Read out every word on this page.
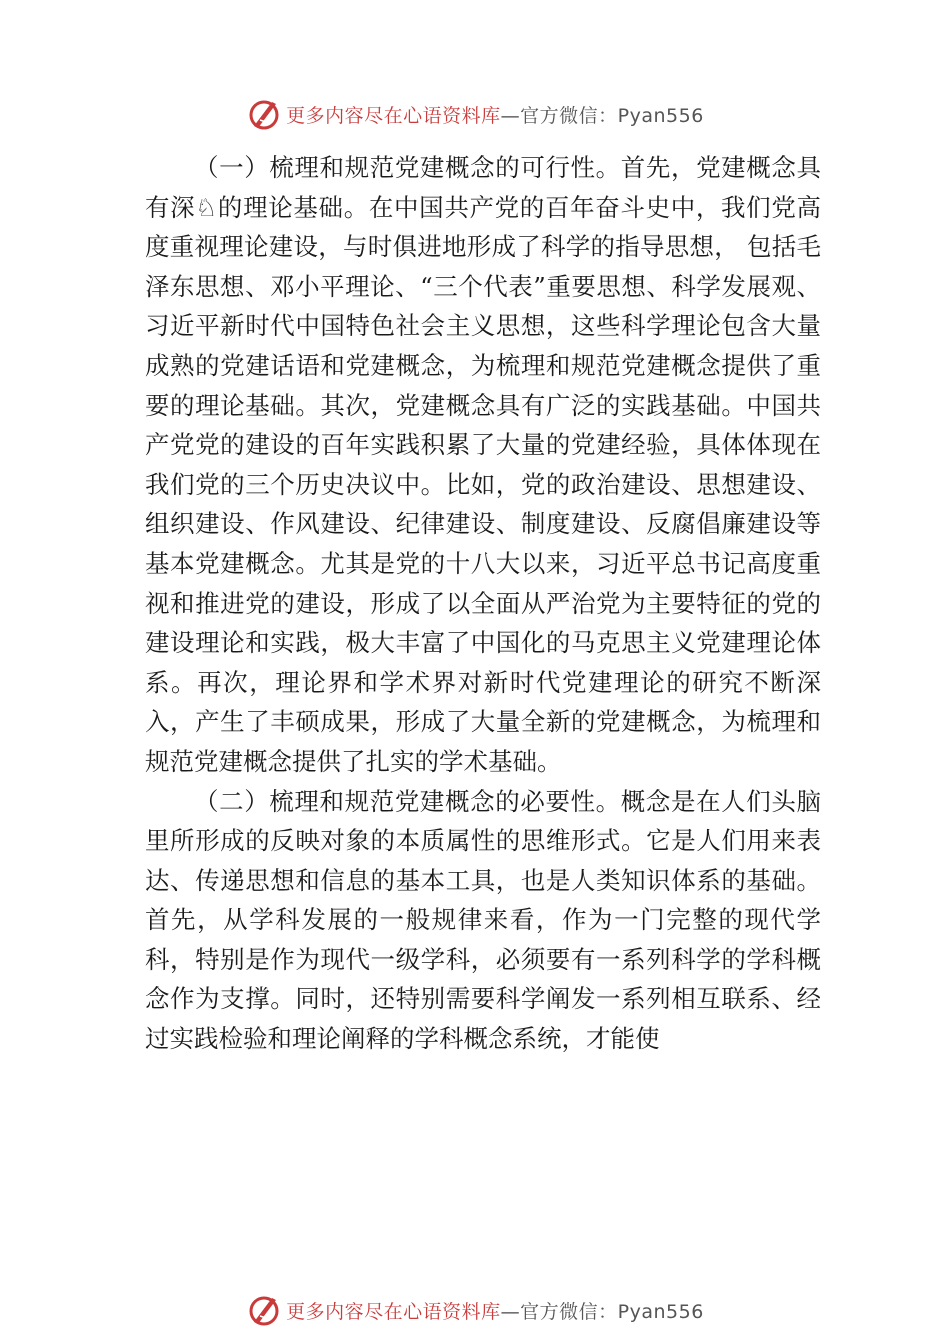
更多内容尽在心语资料库—官方微信：Pyan556

（一）梳理和规范党建概念的可行性。首先，党建概念具有深♘的理论基础。在中国共产党的百年奋斗史中，我们党高度重视理论建设，与时俱进地形成了科学的指导思想， 包括毛泽东思想、邓小平理论、“三个代表”重要思想、科学发展观、习近平新时代中国特色社会主义思想，这些科学理论包含大量成熟的党建话语和党建概念，为梳理和规范党建概念提供了重要的理论基础。其次，党建概念具有广泛的实践基础。中国共产党党的建设的百年实践积累了大量的党建经验，具体体现在我们党的三个历史决议中。比如，党的政治建设、思想建设、组织建设、作风建设、纪律建设、制度建设、反腐倡廉建设等基本党建概念。尤其是党的十八大以来，习近平总书记高度重视和推进党的建设，形成了以全面从严治党为主要特征的党的建设理论和实践，极大丰富了中国化的马克思主义党建理论体系。再次，理论界和学术界对新时代党建理论的研究不断深入，产生了丰硕成果，形成了大量全新的党建概念，为梳理和规范党建概念提供了扎实的学术基础。

（二）梳理和规范党建概念的必要性。概念是在人们头脑里所形成的反映对象的本质属性的思维形式。它是人们用来表达、传递思想和信息的基本工具，也是人类知识体系的基础。首先，从学科发展的一般规律来看，作为一门完整的现代学科，特别是作为现代一级学科，必须要有一系列科学的学科概念作为支撑。同时，还特别需要科学阐发一系列相互联系、经过实践检验和理论阐释的学科概念系统，才能使

更多内容尽在心语资料库—官方微信：Pyan556
